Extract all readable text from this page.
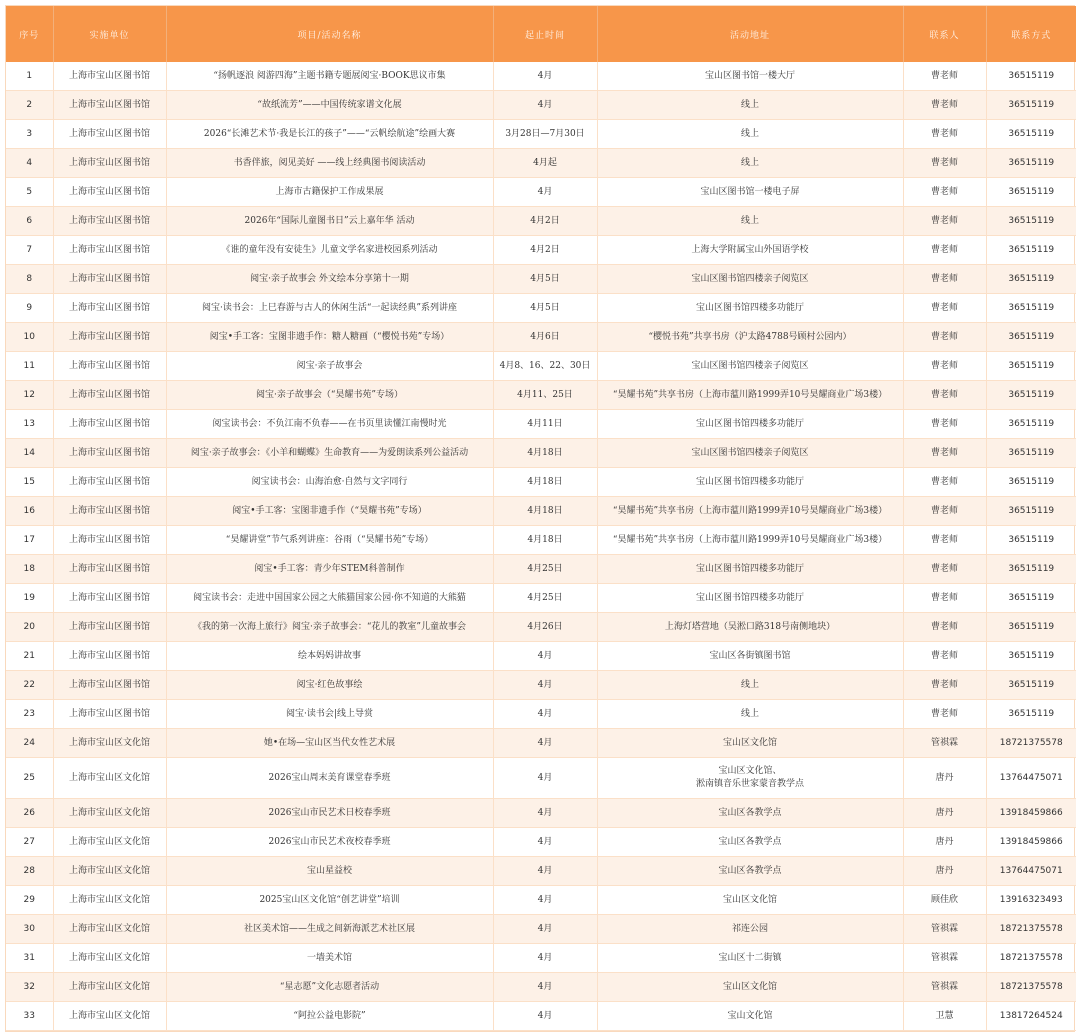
序号	实施单位	项目/活动名称	起止时间	活动地址	联系人	联系方式
1	上海市宝山区图书馆	“扬帆逐浪 阅游四海”主题书籍专题展阅宝·BOOK思议市集	4月	宝山区图书馆一楼大厅	曹老师	36515119
2	上海市宝山区图书馆	“故纸流芳”——中国传统家谱文化展	4月	线上	曹老师	36515119
3	上海市宝山区图书馆	2026“长滩艺术节·我是长江的孩子”——“云帆绘航途”绘画大赛	3月28日—7月30日	线上	曹老师	36515119
4	上海市宝山区图书馆	书香伴旅，阅见美好 ——线上经典图书阅读活动	4月起	线上	曹老师	36515119
5	上海市宝山区图书馆	上海市古籍保护工作成果展	4月	宝山区图书馆一楼电子屏	曹老师	36515119
6	上海市宝山区图书馆	2026年“国际儿童图书日”云上嘉年华 活动	4月2日	线上	曹老师	36515119
7	上海市宝山区图书馆	《谁的童年没有安徒生》儿童文学名家进校园系列活动	4月2日	上海大学附属宝山外国语学校	曹老师	36515119
8	上海市宝山区图书馆	阅宝·亲子故事会 外文绘本分享第十一期	4月5日	宝山区图书馆四楼亲子阅览区	曹老师	36515119
9	上海市宝山区图书馆	阅宝·读书会：上巳春游与古人的休闲生活“一起读经典”系列讲座	4月5日	宝山区图书馆四楼多功能厅	曹老师	36515119
10	上海市宝山区图书馆	阅宝•手工客：宝图非遗手作：糖人糖画（“樱悦书苑”专场）	4月6日	“樱悦书苑”共享书房（沪太路4788号顾村公园内）	曹老师	36515119
11	上海市宝山区图书馆	阅宝·亲子故事会	4月8、16、22、30日	宝山区图书馆四楼亲子阅览区	曹老师	36515119
12	上海市宝山区图书馆	阅宝·亲子故事会（“昊耀书苑”专场）	4月11、25日	“昊耀书苑”共享书房（上海市蕰川路1999弄10号昊耀商业广场3楼）	曹老师	36515119
13	上海市宝山区图书馆	阅宝读书会：不负江南不负春——在书页里读懂江南慢时光	4月11日	宝山区图书馆四楼多功能厅	曹老师	36515119
14	上海市宝山区图书馆	阅宝·亲子故事会：《小羊和蝴蝶》生命教育——为爱朗读系列公益活动	4月18日	宝山区图书馆四楼亲子阅览区	曹老师	36515119
15	上海市宝山区图书馆	阅宝读书会：山海治愈·自然与文字同行	4月18日	宝山区图书馆四楼多功能厅	曹老师	36515119
16	上海市宝山区图书馆	阅宝•手工客：宝图非遗手作（“昊耀书苑”专场）	4月18日	“昊耀书苑”共享书房（上海市蕰川路1999弄10号昊耀商业广场3楼）	曹老师	36515119
17	上海市宝山区图书馆	“昊耀讲堂”节气系列讲座：谷雨（“昊耀书苑”专场）	4月18日	“昊耀书苑”共享书房（上海市蕰川路1999弄10号昊耀商业广场3楼）	曹老师	36515119
18	上海市宝山区图书馆	阅宝•手工客：青少年STEM科普制作	4月25日	宝山区图书馆四楼多功能厅	曹老师	36515119
19	上海市宝山区图书馆	阅宝读书会：走进中国国家公园之大熊猫国家公园·你不知道的大熊猫	4月25日	宝山区图书馆四楼多功能厅	曹老师	36515119
20	上海市宝山区图书馆	《我的第一次海上旅行》阅宝·亲子故事会：“花儿的教室”儿童故事会	4月26日	上海灯塔营地（吴淞口路318号南侧地块）	曹老师	36515119
21	上海市宝山区图书馆	绘本妈妈讲故事	4月	宝山区各街镇图书馆	曹老师	36515119
22	上海市宝山区图书馆	阅宝·红色故事绘	4月	线上	曹老师	36515119
23	上海市宝山区图书馆	阅宝·读书会|线上导赏	4月	线上	曹老师	36515119
24	上海市宝山区文化馆	她•在场—宝山区当代女性艺术展	4月	宝山区文化馆	管祺霖	18721375578
25	上海市宝山区文化馆	2026宝山周末美育课堂春季班	4月	宝山区文化馆、
淞南镇音乐世家蒙音教学点	唐丹	13764475071
26	上海市宝山区文化馆	2026宝山市民艺术日校春季班	4月	宝山区各教学点	唐丹	13918459866
27	上海市宝山区文化馆	2026宝山市民艺术夜校春季班	4月	宝山区各教学点	唐丹	13918459866
28	上海市宝山区文化馆	宝山星益校	4月	宝山区各教学点	唐丹	13764475071
29	上海市宝山区文化馆	2025宝山区文化馆“创艺讲堂”培训	4月	宝山区文化馆	顾佳欣	13916323493
30	上海市宝山区文化馆	社区美术馆——生成之间新海派艺术社区展	4月	祁连公园	管祺霖	18721375578
31	上海市宝山区文化馆	一墙美术馆	4月	宝山区十二街镇	管祺霖	18721375578
32	上海市宝山区文化馆	“星志愿”文化志愿者活动	4月	宝山区文化馆	管祺霖	18721375578
33	上海市宝山区文化馆	“阿拉公益电影院”	4月	宝山文化馆	卫慧	13817264524
